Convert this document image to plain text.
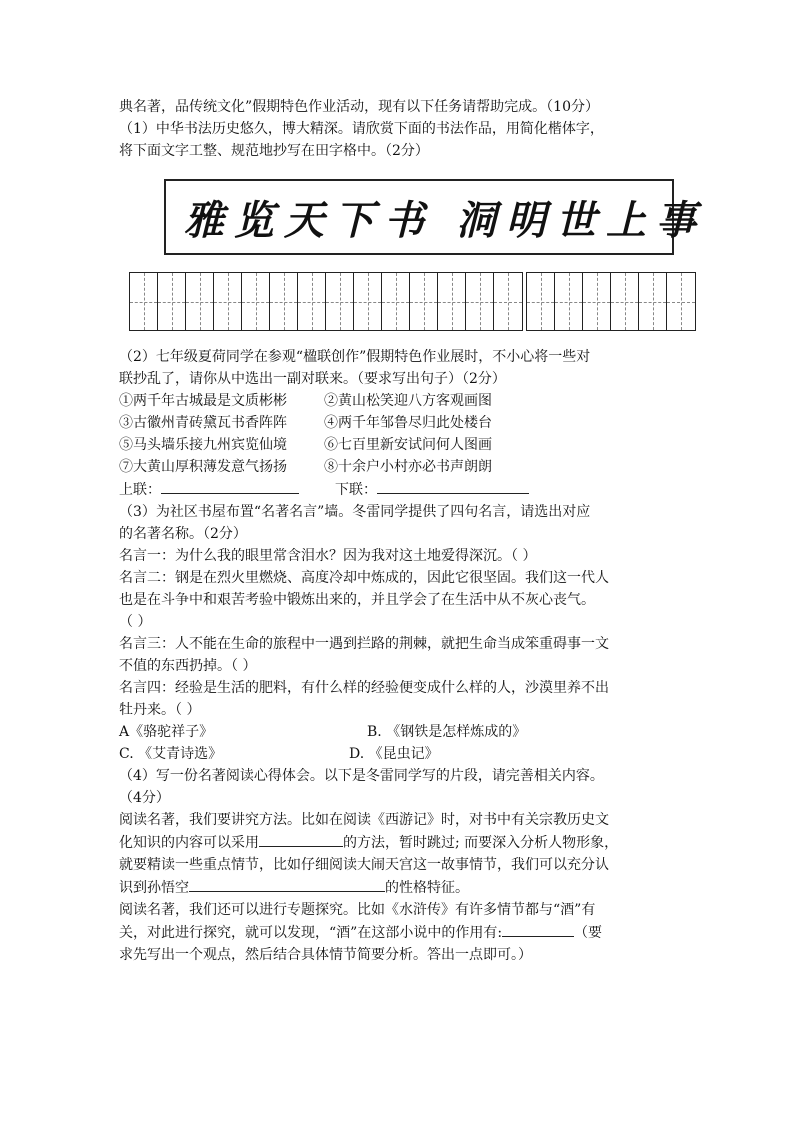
雅览天下书 洞明世上事
典名著，品传统文化”假期特色作业活动，现有以下任务请帮助完成。（10分）
（1）中华书法历史悠久，博大精深。请欣赏下面的书法作品，用简化楷体字，
将下面文字工整、规范地抄写在田字格中。（2分）
（2）七年级夏荷同学在参观“楹联创作”假期特色作业展时，不小心将一些对
联抄乱了，请你从中选出一副对联来。（要求写出句子）（2分）
①两千年古城最是文质彬彬	②黄山松笑迎八方客观画图
③古徽州青砖黛瓦书香阵阵	④两千年邹鲁尽归此处楼台
⑤马头墙乐接九州宾览仙境	⑥七百里新安试问何人图画
⑦大黄山厚积薄发意气扬扬	⑧十余户小村亦必书声朗朗
上联：	下联：
（3）为社区书屋布置“名著名言”墙。冬雷同学提供了四句名言，请选出对应
的名著名称。（2分）
名言一：为什么我的眼里常含泪水？因为我对这土地爱得深沉。（ ）
名言二：钢是在烈火里燃烧、高度冷却中炼成的，因此它很坚固。我们这一代人
也是在斗争中和艰苦考验中锻炼出来的，并且学会了在生活中从不灰心丧气。
（ ）
名言三：人不能在生命的旅程中一遇到拦路的荆棘，就把生命当成笨重碍事一文
不值的东西扔掉。（ ）
名言四：经验是生活的肥料，有什么样的经验便变成什么样的人，沙漠里养不出
牡丹来。（ ）
A《骆驼祥子》	B. 《钢铁是怎样炼成的》
C. 《艾青诗选》	D. 《昆虫记》
（4）写一份名著阅读心得体会。以下是冬雷同学写的片段，请完善相关内容。
（4分）
阅读名著，我们要讲究方法。比如在阅读《西游记》时，对书中有关宗教历史文
化知识的内容可以采用	的方法，暂时跳过; 而要深入分析人物形象，
就要精读一些重点情节，比如仔细阅读大闹天宫这一故事情节，我们可以充分认
识到孙悟空	的性格特征。
阅读名著，我们还可以进行专题探究。比如《水浒传》有许多情节都与“酒”有
关，对此进行探究，就可以发现，“酒”在这部小说中的作用有:	（要
求先写出一个观点，然后结合具体情节简要分析。答出一点即可。）
